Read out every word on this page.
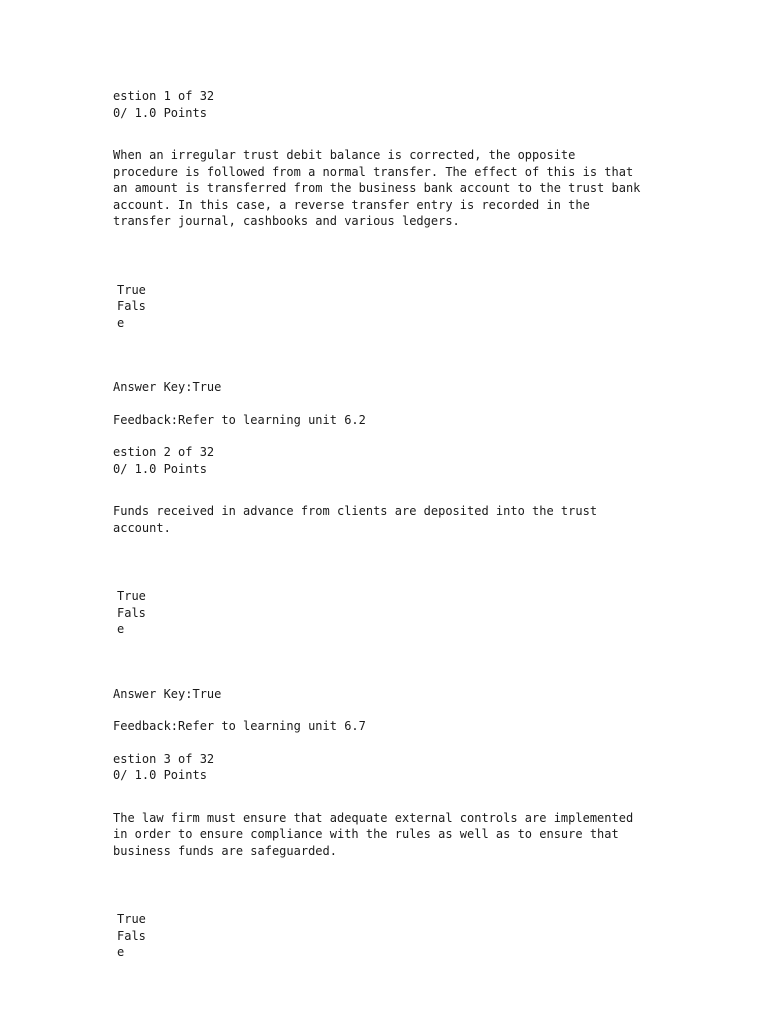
estion 1 of 32
0/ 1.0 Points
When an irregular trust debit balance is corrected, the opposite procedure is followed from a normal transfer. The effect of this is that an amount is transferred from the business bank account to the trust bank account. In this case, a reverse transfer entry is recorded in the transfer journal, cashbooks and various ledgers.
True
False
Answer Key:True
Feedback:Refer to learning unit 6.2
estion 2 of 32
0/ 1.0 Points
Funds received in advance from clients are deposited into the trust account.
True
False
Answer Key:True
Feedback:Refer to learning unit 6.7
estion 3 of 32
0/ 1.0 Points
The law firm must ensure that adequate external controls are implemented in order to ensure compliance with the rules as well as to ensure that business funds are safeguarded.
True
False
